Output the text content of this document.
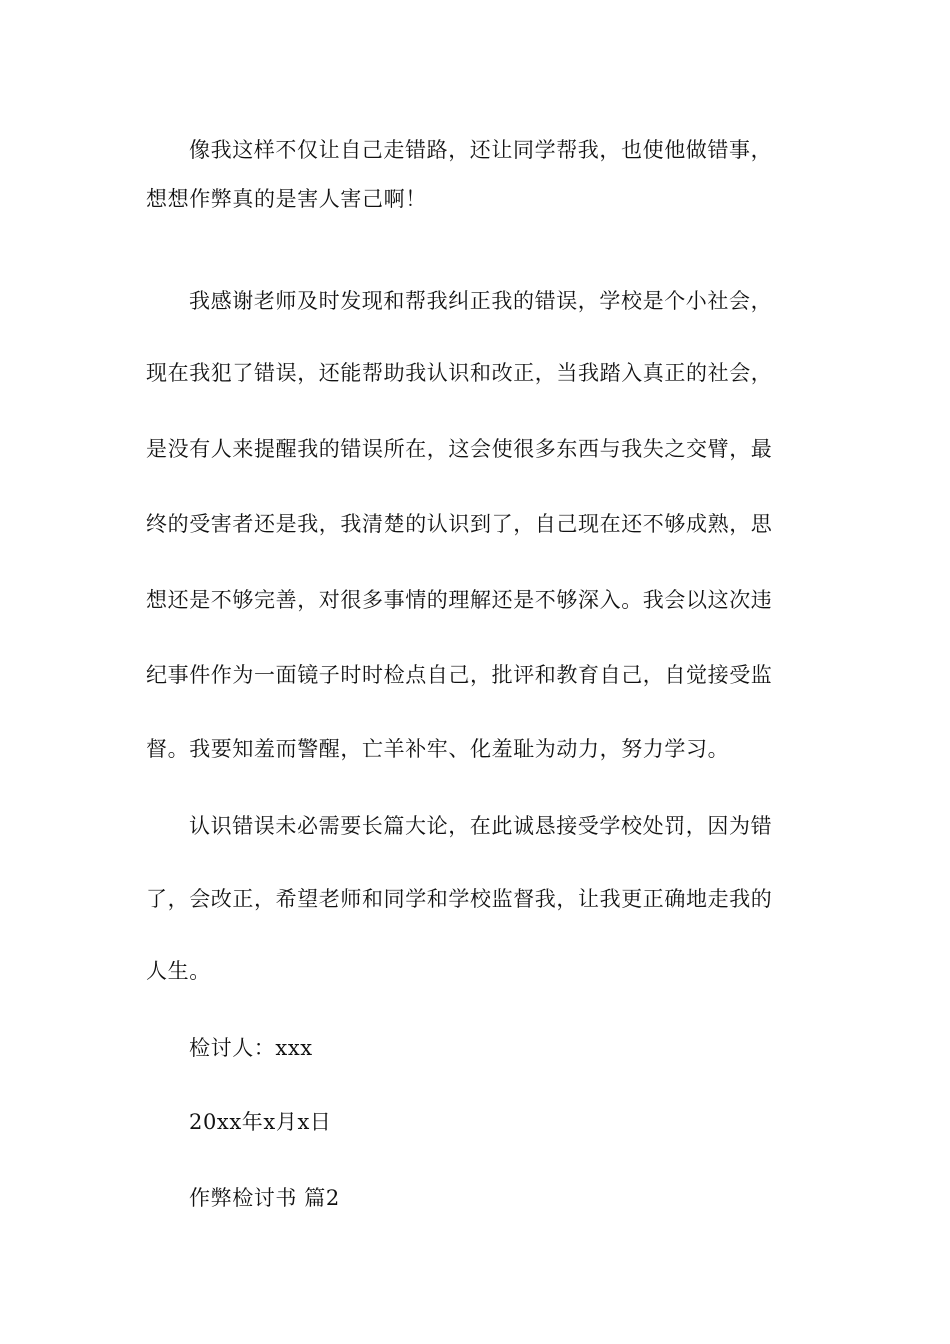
像我这样不仅让自己走错路，还让同学帮我，也使他做错事，
想想作弊真的是害人害己啊！
我感谢老师及时发现和帮我纠正我的错误，学校是个小社会，
现在我犯了错误，还能帮助我认识和改正，当我踏入真正的社会，
是没有人来提醒我的错误所在，这会使很多东西与我失之交臂，最
终的受害者还是我，我清楚的认识到了，自己现在还不够成熟，思
想还是不够完善，对很多事情的理解还是不够深入。我会以这次违
纪事件作为一面镜子时时检点自己，批评和教育自己，自觉接受监
督。我要知羞而警醒，亡羊补牢、化羞耻为动力，努力学习。
认识错误未必需要长篇大论，在此诚恳接受学校处罚，因为错
了，会改正，希望老师和同学和学校监督我，让我更正确地走我的
人生。
检讨人：xxx
20xx年x月x日
作弊检讨书 篇2
